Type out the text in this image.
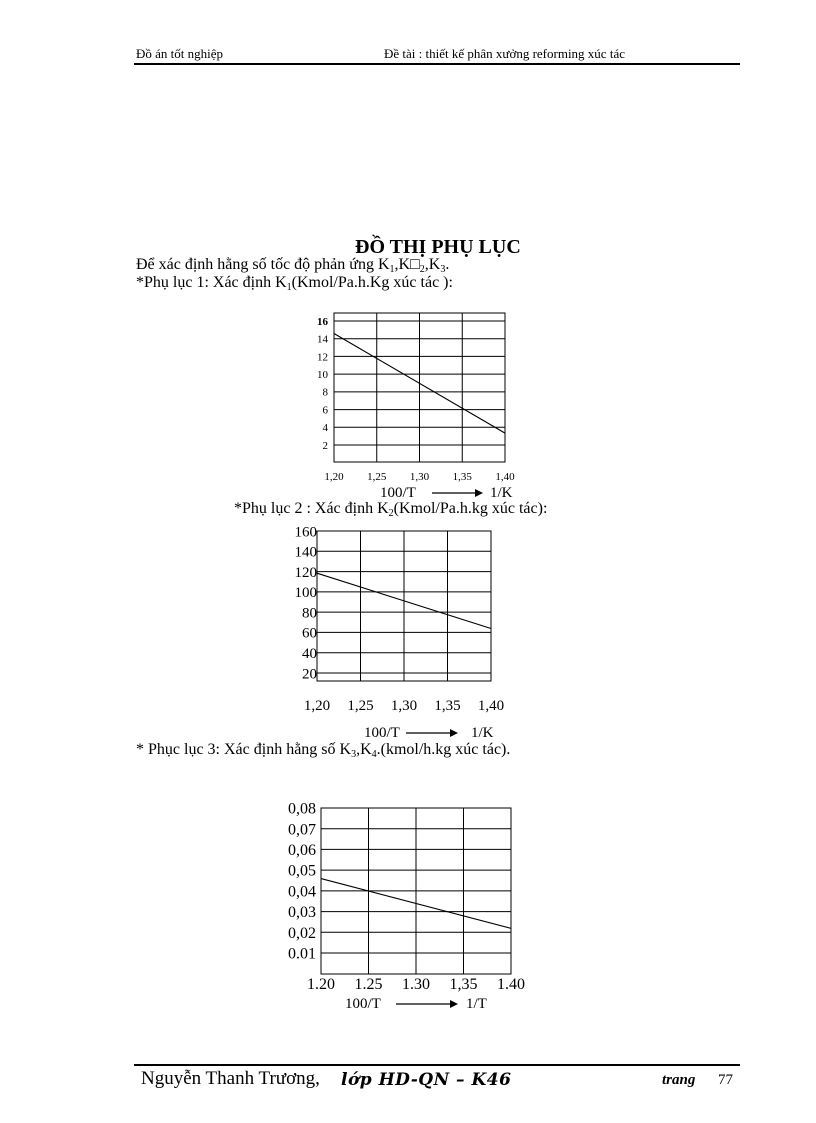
Đồ án tốt nghiệp	Đề tài : thiết kế phân xưởng reforming xúc tác
ĐỒ THỊ PHỤ LỤC
Để xác định hằng số tốc độ phản ứng $K_1,K□_2,K_3$.
*Phụ lục 1: Xác định $K_1(Kmol/Pa.h.Kg$ xúc tác ):
*Phụ lục 2 : Xác định $K_2(Kmol/Pa.h.kg$ xúc tác):
* Phục lục 3: Xác định hằng số $K_3,K_4.(kmol/h.kg$ xúc tác).
16
14
12
10
8
6
4
2
1,20 1,25 1,30 1,35 1,40
100/T	1/K
160
140
120
100
80
60
40
20
1,20 1,25 1,30 1,35 1,40
100/T	1/K
0,08
0,07
0,06
0,05
0,04
0,03
0,02
0.01
1.20 1.25 1.30 1,35 1.40
100/T	1/T
Nguyễn Thanh Trương, lớp HD-QN – K46	trang 77
